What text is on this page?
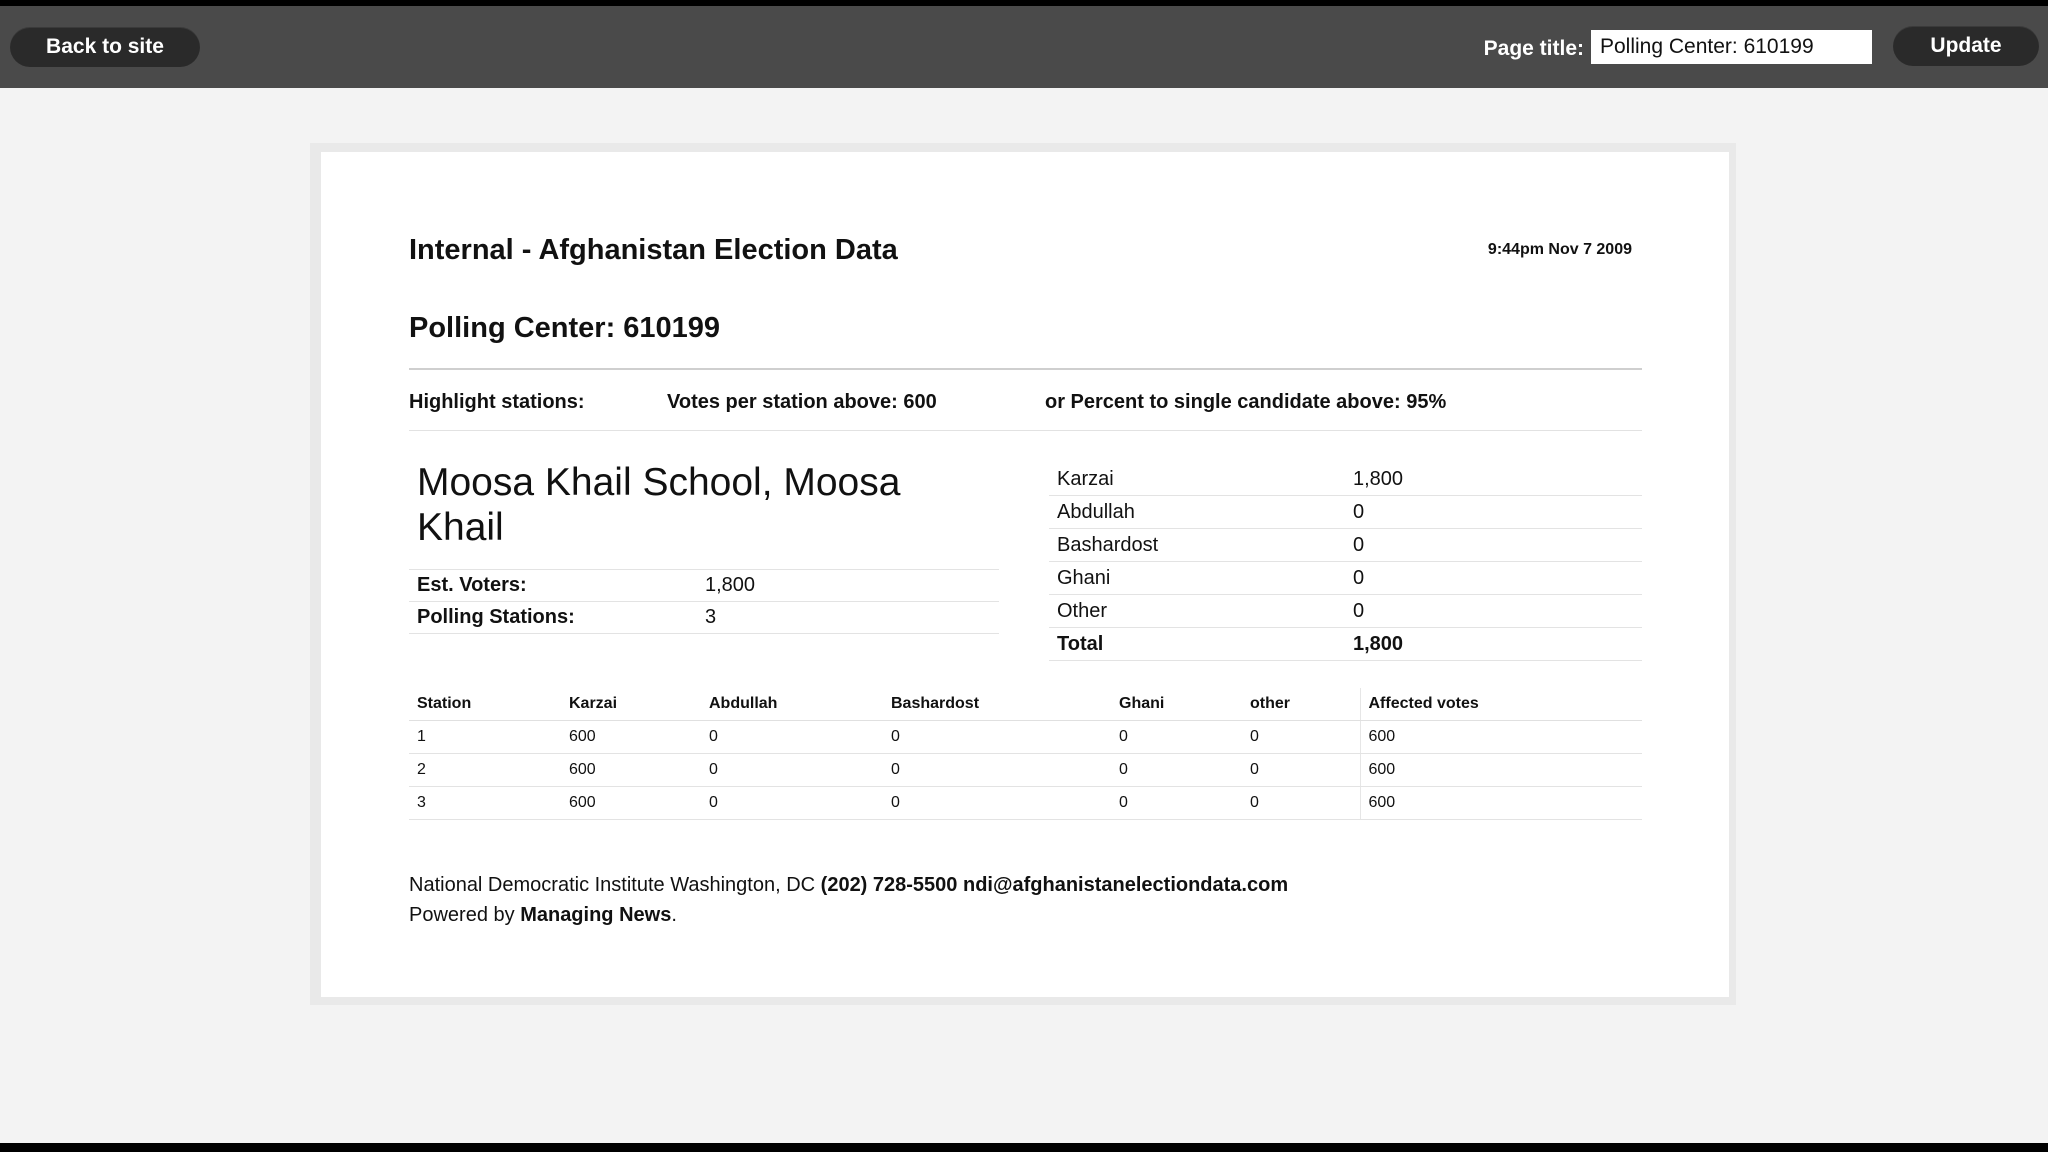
Back to site	Page title:
Polling Center: 610199	Update
Internal - Afghanistan Election Data	9:44pm Nov 7 2009
Polling Center: 610199
Highlight stations:	Votes per station above: 600	or Percent to single candidate above: 95%
Moosa Khail School, Moosa Khail
Est. Voters:	1,800
Polling Stations:	3
Karzai	1,800
Abdullah	0
Bashardost	0
Ghani	0
Other	0
Total	1,800
Station	Karzai	Abdullah	Bashardost	Ghani	other	Affected votes
1	600	0	0	0	0	600
2	600	0	0	0	0	600
3	600	0	0	0	0	600
National Democratic Institute Washington, DC (202) 728-5500 ndi@afghanistanelectiondata.com
Powered by Managing News.
